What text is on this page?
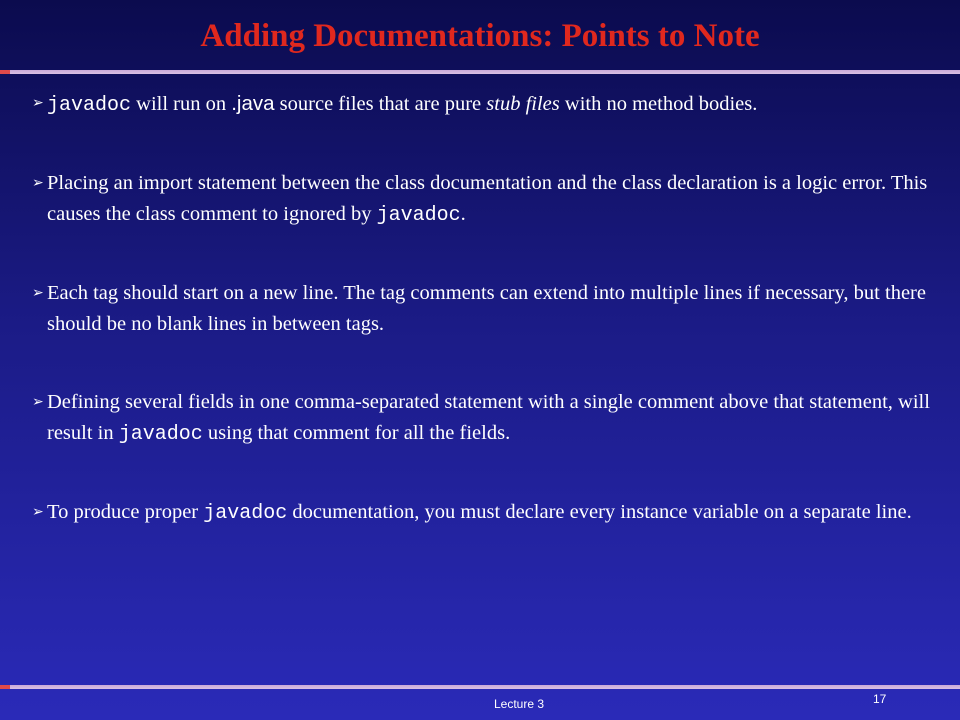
Adding Documentations: Points to Note
➢ javadoc will run on .java source files that are pure stub files with no method bodies.
➢ Placing an import statement between the class documentation and the class declaration is a logic error. This causes the class comment to ignored by javadoc.
➢ Each tag should start on a new line. The tag comments can extend into multiple lines if necessary, but there should be no blank lines in between tags.
➢ Defining several fields in one comma-separated statement with a single comment above that statement, will result in javadoc using that comment for all the fields.
➢ To produce proper javadoc documentation, you must declare every instance variable on a separate line.
Lecture 3	17
